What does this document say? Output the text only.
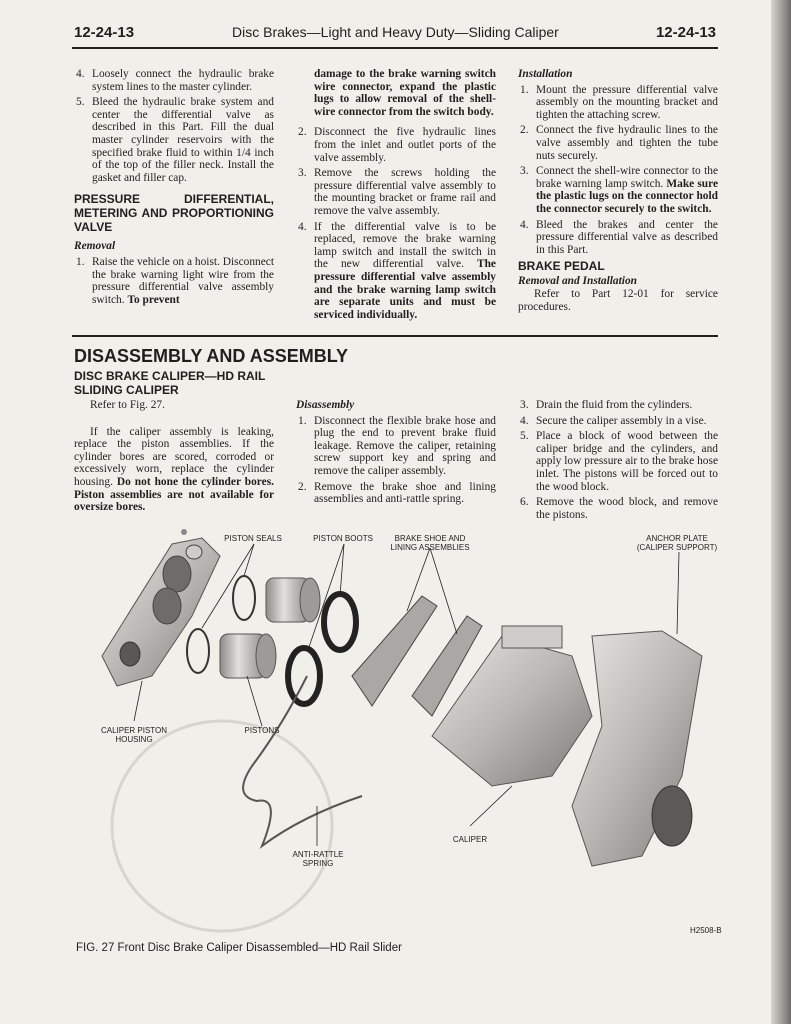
12-24-13	Disc Brakes—Light and Heavy Duty—Sliding Caliper	12-24-13
4. Loosely connect the hydraulic brake system lines to the master cylinder.
5. Bleed the hydraulic brake system and center the differential valve as described in this Part. Fill the dual master cylinder reservoirs with the specified brake fluid to within 1/4 inch of the top of the filler neck. Install the gasket and filler cap.
PRESSURE DIFFERENTIAL, METERING AND PROPORTIONING VALVE
Removal
1. Raise the vehicle on a hoist. Disconnect the brake warning light wire from the pressure differential valve assembly switch. To prevent

damage to the brake warning switch wire connector, expand the plastic lugs to allow removal of the shell-wire connector from the switch body.

2. Disconnect the five hydraulic lines from the inlet and outlet ports of the valve assembly.
3. Remove the screws holding the pressure differential valve assembly to the mounting bracket or frame rail and remove the valve assembly.
4. If the differential valve is to be replaced, remove the brake warning lamp switch and install the switch in the new differential valve. The pressure differential valve assembly and the brake warning lamp switch are separate units and must be serviced individually.
Installation
1. Mount the pressure differential valve assembly on the mounting bracket and tighten the attaching screw.
2. Connect the five hydraulic lines to the valve assembly and tighten the tube nuts securely.
3. Connect the shell-wire connector to the brake warning lamp switch. Make sure the plastic lugs on the connector hold the connector securely to the switch.
4. Bleed the brakes and center the pressure differential valve as described in this Part.
BRAKE PEDAL
Removal and Installation

Refer to Part 12-01 for service procedures.

DISASSEMBLY AND ASSEMBLY
DISC BRAKE CALIPER—HD RAIL
SLIDING CALIPER

Refer to Fig. 27.

If the caliper assembly is leaking, replace the piston assemblies. If the cylinder bores are scored, corroded or excessively worn, replace the cylinder housing. Do not hone the cylinder bores. Piston assemblies are not available for oversize bores.

Disassembly
1. Disconnect the flexible brake hose and plug the end to prevent brake fluid leakage. Remove the caliper, retaining screw support key and spring and remove the caliper assembly.
2. Remove the brake shoe and lining assemblies and anti-rattle spring.
3. Drain the fluid from the cylinders.
4. Secure the caliper assembly in a vise.
5. Place a block of wood between the caliper bridge and the cylinders, and apply low pressure air to the brake hose inlet. The pistons will be forced out to the wood block.
6. Remove the wood block, and remove the pistons.
PISTON SEALS	PISTON BOOTS	BRAKE SHOE AND LINING ASSEMBLIES
ANCHOR PLATE (CALIPER SUPPORT)
CALIPER PISTON HOUSING
PISTONS
CALIPER
ANTI-RATTLE SPRING
H2508-B
FIG. 27 Front Disc Brake Caliper Disassembled—HD Rail Slider
